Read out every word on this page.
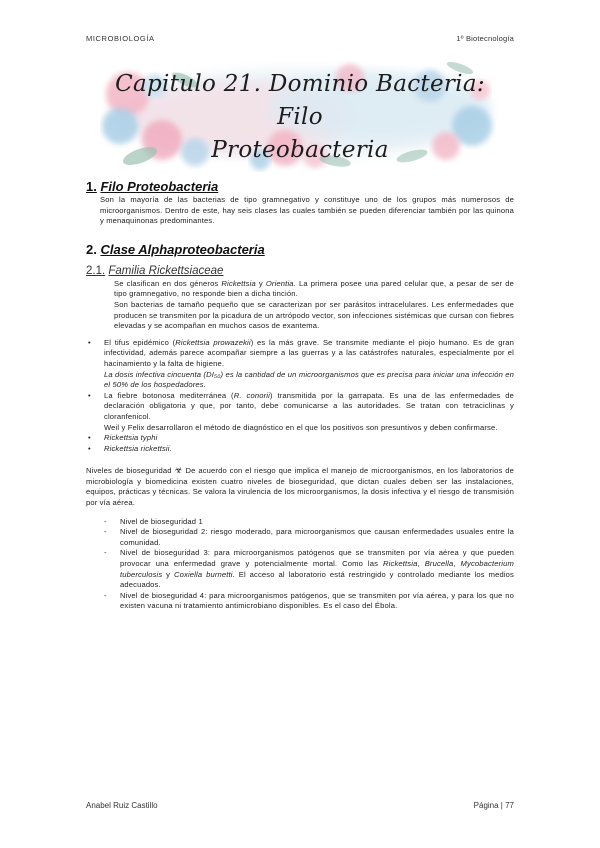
MICROBIOLOGÍA	1º Biotecnología
Capitulo 21. Dominio Bacteria: Filo
Proteobacteria
1. Filo Proteobacteria

Son la mayoría de las bacterias de tipo gramnegativo y constituye uno de los grupos más numerosos de microorganismos. Dentro de este, hay seis clases las cuales también se pueden diferenciar también por las quinona y menaquinonas predominantes.

2. Clase Alphaproteobacteria
2.1. Familia Rickettsiaceae

Se clasifican en dos géneros Rickettsia y Orientia. La primera posee una pared celular que, a pesar de ser de tipo gramnegativo, no responde bien a dicha tinción.

Son bacterias de tamaño pequeño que se caracterizan por ser parásitos intracelulares. Les enfermedades que producen se transmiten por la picadura de un artrópodo vector, son infecciones sistémicas que cursan con fiebres elevadas y se acompañan en muchos casos de exantema.

• El tifus epidémico (Rickettsia prowazekii) es la más grave. Se transmite mediante el piojo humano. Es de gran infectividad, además parece acompañar siempre a las guerras y a las catástrofes naturales, especialmente por el hacinamiento y la falta de higiene.
La dosis infectiva cincuenta (DI₅₀) es la cantidad de un microorganismos que es precisa para iniciar una infección en el 50% de los hospedadores.
• La fiebre botonosa mediterránea (R. conorii) transmitida por la garrapata. Es una de las enfermedades de declaración obligatoria y que, por tanto, debe comunicarse a las autoridades. Se tratan con tetraciclinas y cloranfenicol.
Weil y Felix desarrollaron el método de diagnóstico en el que los positivos son presuntivos y deben confirmarse.
• Rickettsia typhi
• Rickettsia rickettsii.

Niveles de bioseguridad ☣ De acuerdo con el riesgo que implica el manejo de microorganismos, en los laboratorios de microbiología y biomedicina existen cuatro niveles de bioseguridad, que dictan cuales deben ser las instalaciones, equipos, prácticas y técnicas. Se valora la virulencia de los microorganismos, la dosis infectiva y el riesgo de transmisión por vía aérea.

- Nivel de bioseguridad 1
- Nivel de bioseguridad 2: riesgo moderado, para microorganismos que causan enfermedades usuales entre la comunidad.
- Nivel de bioseguridad 3: para microorganismos patógenos que se transmiten por vía aérea y que pueden provocar una enfermedad grave y potencialmente mortal. Como las Rickettsia, Brucella, Mycobacterium tuberculosis y Coxiella burnetti. El acceso al laboratorio está restringido y controlado mediante los medios adecuados.
- Nivel de bioseguridad 4: para microorganismos patógenos, que se transmiten por vía aérea, y para los que no existen vacuna ni tratamiento antimicrobiano disponibles. Es el caso del Ébola.
Anabel Ruiz Castillo	Página | 77
